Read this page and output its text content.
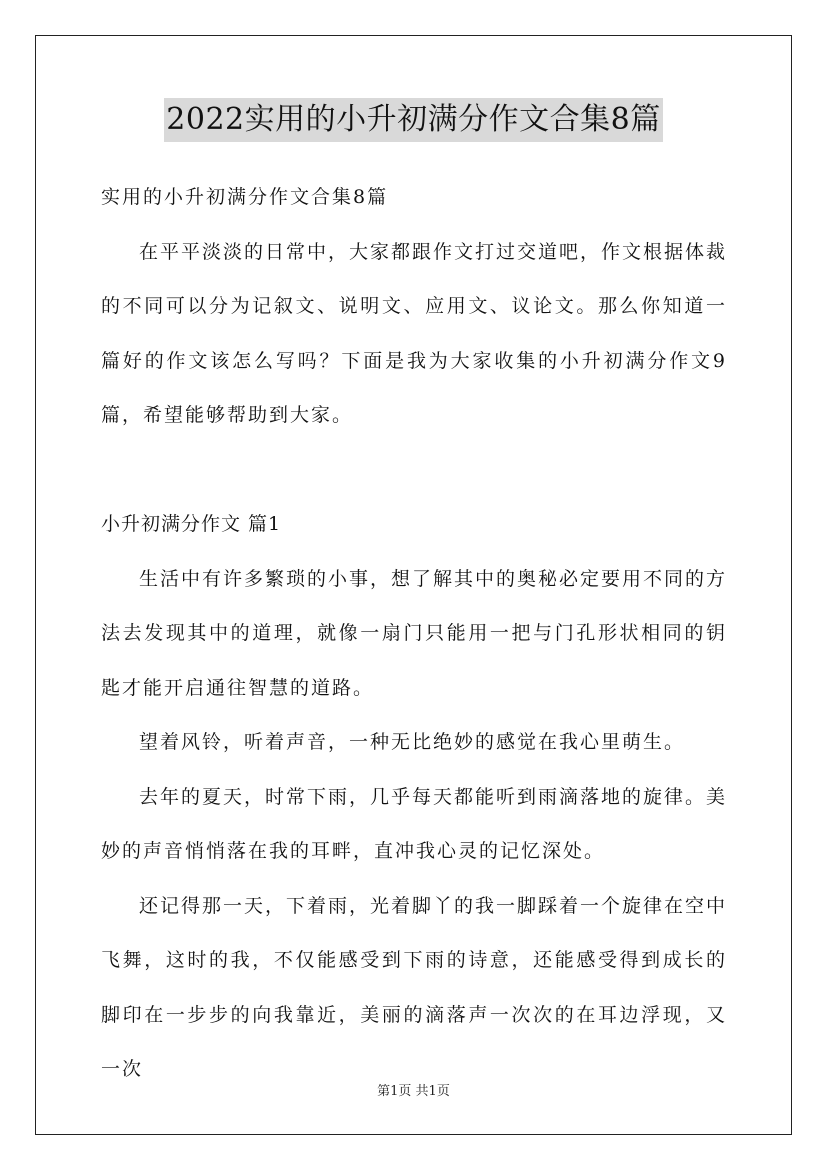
2022实用的小升初满分作文合集8篇
实用的小升初满分作文合集8篇

在平平淡淡的日常中，大家都跟作文打过交道吧，作文根据体裁的不同可以分为记叙文、说明文、应用文、议论文。那么你知道一篇好的作文该怎么写吗？下面是我为大家收集的小升初满分作文9篇，希望能够帮助到大家。

小升初满分作文 篇1

生活中有许多繁琐的小事，想了解其中的奥秘必定要用不同的方法去发现其中的道理，就像一扇门只能用一把与门孔形状相同的钥匙才能开启通往智慧的道路。

望着风铃，听着声音，一种无比绝妙的感觉在我心里萌生。

去年的夏天，时常下雨，几乎每天都能听到雨滴落地的旋律。美妙的声音悄悄落在我的耳畔，直冲我心灵的记忆深处。

还记得那一天，下着雨，光着脚丫的我一脚踩着一个旋律在空中飞舞，这时的我，不仅能感受到下雨的诗意，还能感受得到成长的脚印在一步步的向我靠近，美丽的滴落声一次次的在耳边浮现，又一次

第1页 共1页
